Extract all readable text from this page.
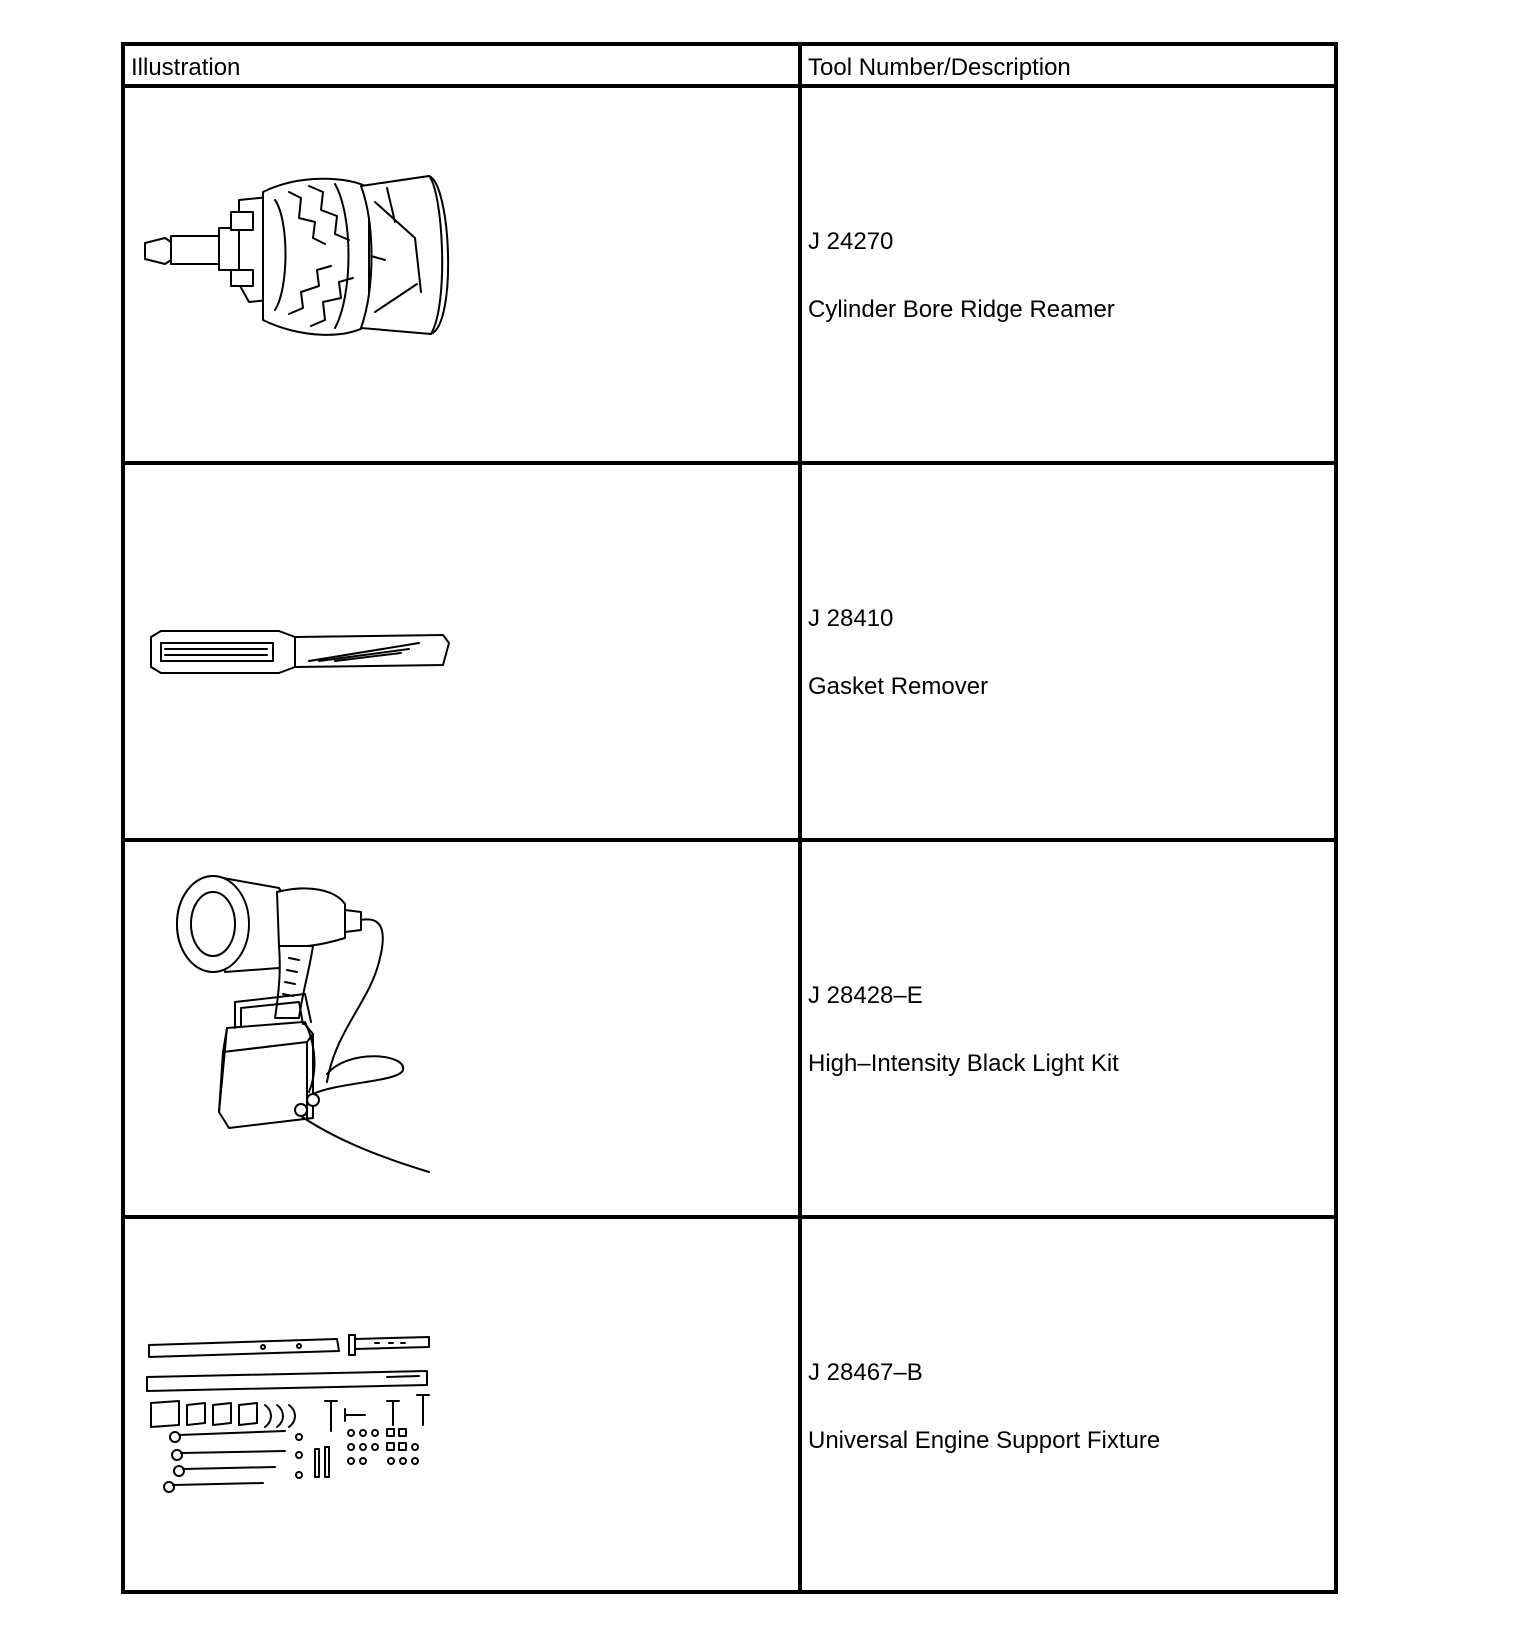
Illustration	Tool Number/Description
J 24270
Cylinder Bore Ridge Reamer
J 28410
Gasket Remover
J 28428–E
High–Intensity Black Light Kit
J 28467–B
Universal Engine Support Fixture
